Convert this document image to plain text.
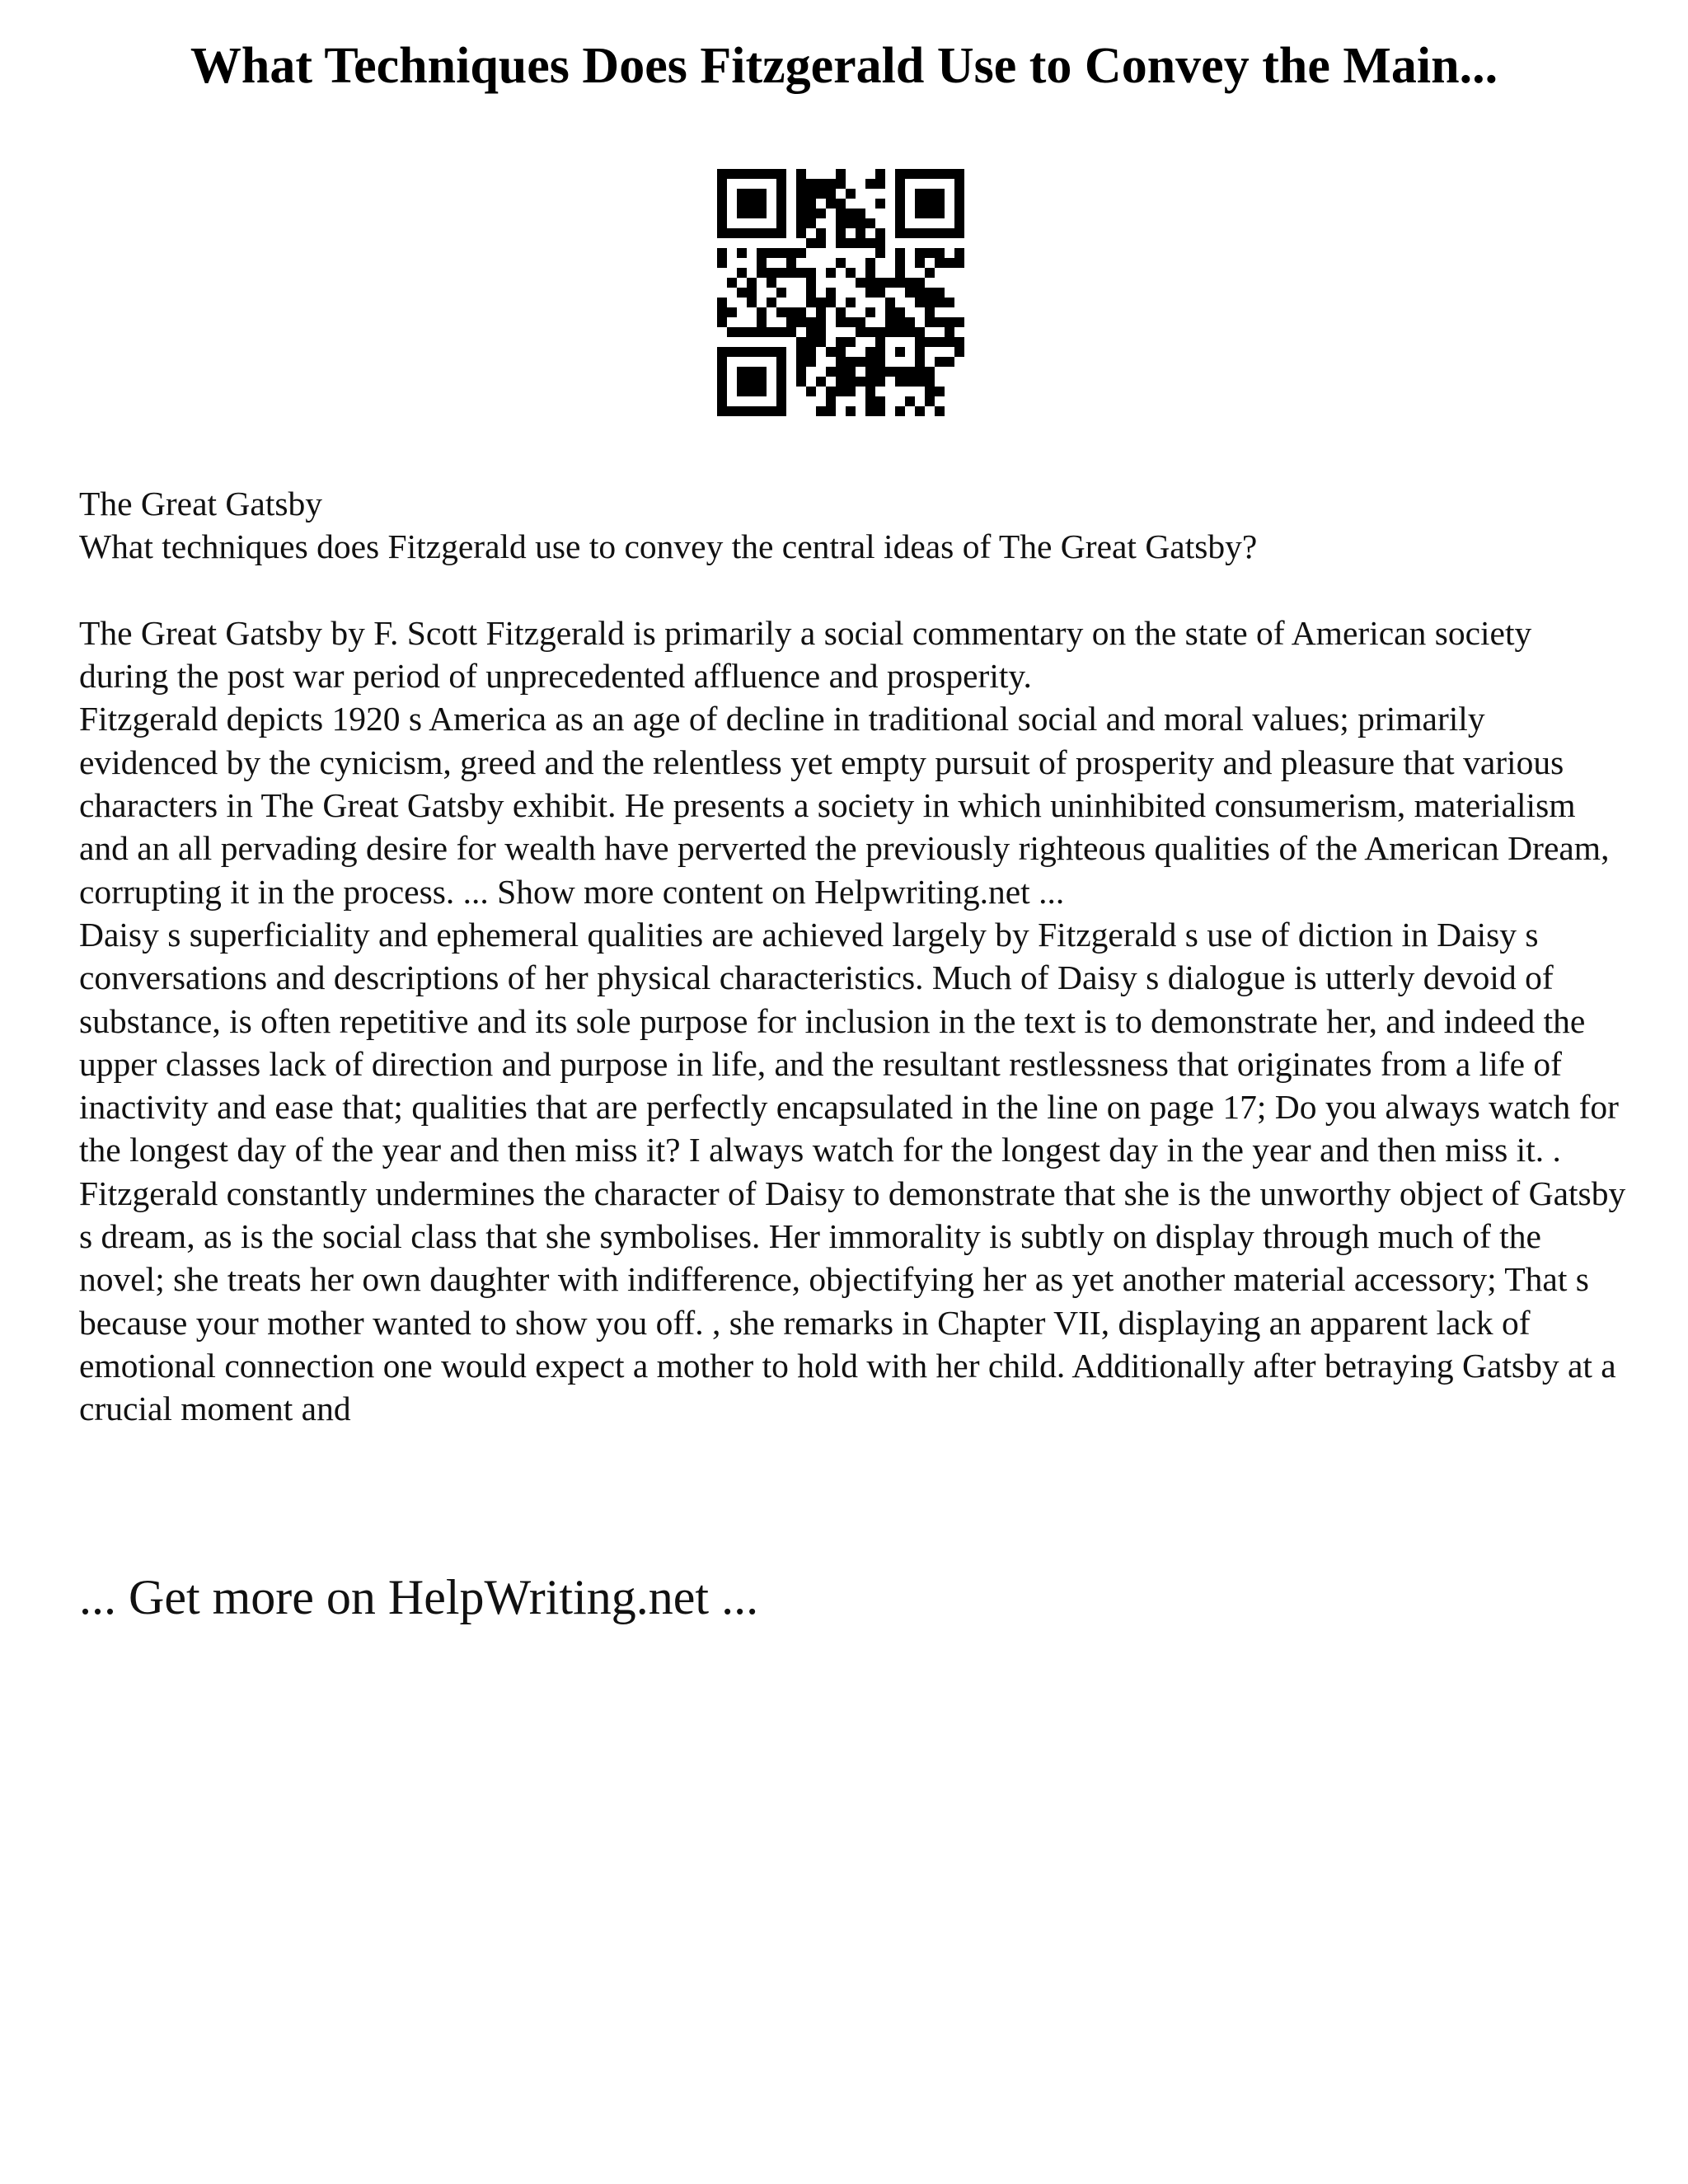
What Techniques Does Fitzgerald Use to Convey the Main...

The Great Gatsby

What techniques does Fitzgerald use to convey the central ideas of The Great Gatsby?

The Great Gatsby by F. Scott Fitzgerald is primarily a social commentary on the state of American society during the post war period of unprecedented affluence and prosperity.

Fitzgerald depicts 1920 s America as an age of decline in traditional social and moral values; primarily evidenced by the cynicism, greed and the relentless yet empty pursuit of prosperity and pleasure that various characters in The Great Gatsby exhibit. He presents a society in which uninhibited consumerism, materialism and an all pervading desire for wealth have perverted the previously righteous qualities of the American Dream, corrupting it in the process. ... Show more content on Helpwriting.net ...

Daisy s superficiality and ephemeral qualities are achieved largely by Fitzgerald s use of diction in Daisy s conversations and descriptions of her physical characteristics. Much of Daisy s dialogue is utterly devoid of substance, is often repetitive and its sole purpose for inclusion in the text is to demonstrate her, and indeed the upper classes lack of direction and purpose in life, and the resultant restlessness that originates from a life of inactivity and ease that; qualities that are perfectly encapsulated in the line on page 17; Do you always watch for the longest day of the year and then miss it? I always watch for the longest day in the year and then miss it. . Fitzgerald constantly undermines the character of Daisy to demonstrate that she is the unworthy object of Gatsby s dream, as is the social class that she symbolises. Her immorality is subtly on display through much of the novel; she treats her own daughter with indifference, objectifying her as yet another material accessory; That s because your mother wanted to show you off. , she remarks in Chapter VII, displaying an apparent lack of emotional connection one would expect a mother to hold with her child. Additionally after betraying Gatsby at a crucial moment and

... Get more on HelpWriting.net ...
